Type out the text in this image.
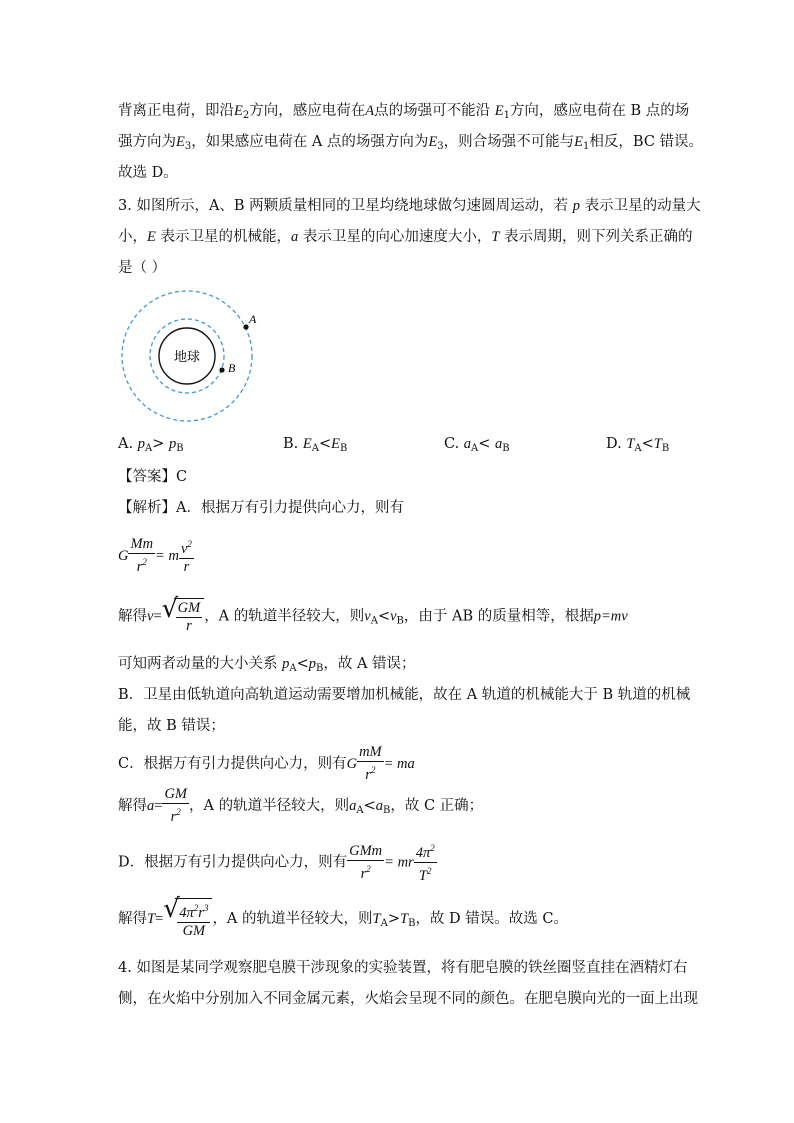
背离正电荷，即沿$E_2$方向，感应电荷在A点的场强可不能沿 $E_1$方向，感应电荷在 B 点的场
强方向为$E_3$，如果感应电荷在 A 点的场强方向为$E_3$，则合场强不可能与$E_1$相反，BC 错误。
故选 D。
3. 如图所示，A、B 两颗质量相同的卫星均绕地球做匀速圆周运动，若 p 表示卫星的动量大
小，E 表示卫星的机械能，a 表示卫星的向心加速度大小，T 表示周期，则下列关系正确的
是（ ）
地球
A
B
A. $p_A> p_B$	B. $E_A<E_B$	C. $a_A< a_B$	D. $T_A<T_B$
【答案】C
【解析】A．根据万有引力提供向心力，则有
G $\frac{Mm}{r^2} = m \frac{v^2}{r}$
解得v= √
$\frac{GM}{r}$ ，A 的轨道半径较大，则$v_A<v_B$，由于 AB 的质量相等，根据p=mv
可知两者动量的大小关系 $p_A<p_B$，故 A 错误；
B．卫星由低轨道向高轨道运动需要增加机械能，故在 A 轨道的机械能大于 B 轨道的机械
能，故 B 错误；
C．根据万有引力提供向心力，则有G $\frac{mM}{r^2}$ = ma
解得$a= \frac{GM}{r^2}$ ，A 的轨道半径较大，则$a_A<a_B$，故 C 正确；
D．根据万有引力提供向心力，则有 $\frac{\text{GMm}}{r^2}$ = mr $\frac{4\pi^2}{T^2}$
解得T= √
$\frac{4\pi^2r^3}{GM}$ ，A 的轨道半径较大，则$T_A>T_B$，故 D 错误。故选 C。
4. 如图是某同学观察肥皂膜干涉现象的实验装置，将有肥皂膜的铁丝圈竖直挂在酒精灯右
侧，在火焰中分别加入不同金属元素，火焰会呈现不同的颜色。在肥皂膜向光的一面上出现
